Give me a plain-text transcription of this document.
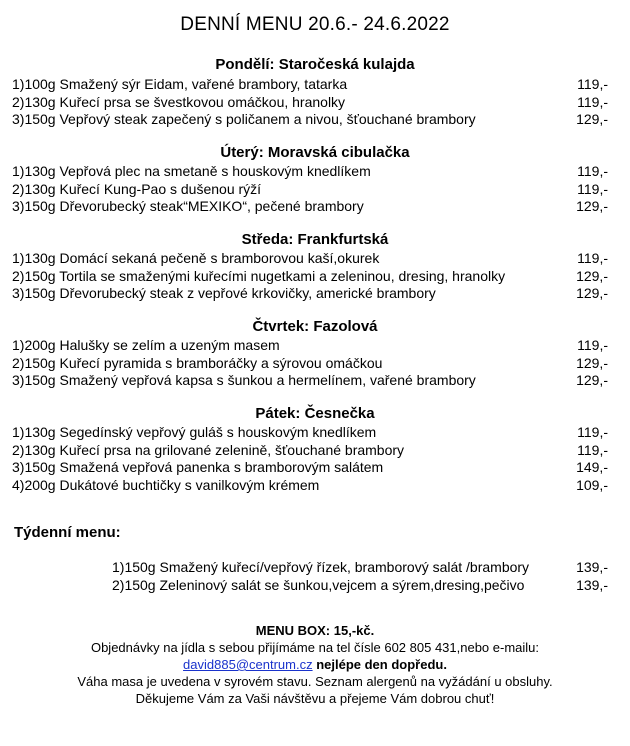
DENNÍ MENU 20.6.- 24.6.2022
Pondělí: Staročeská kulajda
1)100g Smažený sýr Eidam, vařené brambory, tatarka	119,-
2)130g Kuřecí prsa se švestkovou omáčkou, hranolky	119,-
3)150g Vepřový steak zapečený s poličanem a nivou, šťouchané brambory	129,-
Úterý: Moravská cibulačka
1)130g Vepřová plec na smetaně s houskovým knedlíkem	119,-
2)130g Kuřecí Kung-Pao s dušenou rýží	119,-
3)150g Dřevorubecký steak“MEXIKO“, pečené brambory	129,-
Středa: Frankfurtská
1)130g Domácí sekaná pečeně s bramborovou kaší,okurek	119,-
2)150g Tortila se smaženými kuřecími nugetkami a zeleninou, dresing, hranolky	129,-
3)150g Dřevorubecký steak z vepřové krkovičky, americké brambory	129,-
Čtvrtek: Fazolová
1)200g Halušky se zelím a uzeným masem	119,-
2)150g Kuřecí pyramida s bramboráčky a sýrovou omáčkou	129,-
3)150g Smažený vepřová kapsa s šunkou a hermelínem, vařené brambory	129,-
Pátek: Česnečka
1)130g Segedínský vepřový guláš s houskovým knedlíkem	119,-
2)130g Kuřecí prsa na grilované zelenině, šťouchané brambory	119,-
3)150g Smažená vepřová panenka s bramborovým salátem	149,-
4)200g Dukátové buchtičky s vanilkovým krémem	109,-
Týdenní menu:
1)150g Smažený kuřecí/vepřový řízek, bramborový salát /brambory	139,-
2)150g Zeleninový salát se šunkou,vejcem a sýrem,dresing,pečivo	139,-
MENU BOX: 15,-kč.
Objednávky na jídla s sebou přijímáme na tel čísle 602 805 431,nebo e-mailu:
david885@centrum.cz nejlépe den dopředu.
Váha masa je uvedena v syrovém stavu. Seznam alergenů na vyžádání u obsluhy.
Děkujeme Vám za Vaši návštěvu a přejeme Vám dobrou chuť!
